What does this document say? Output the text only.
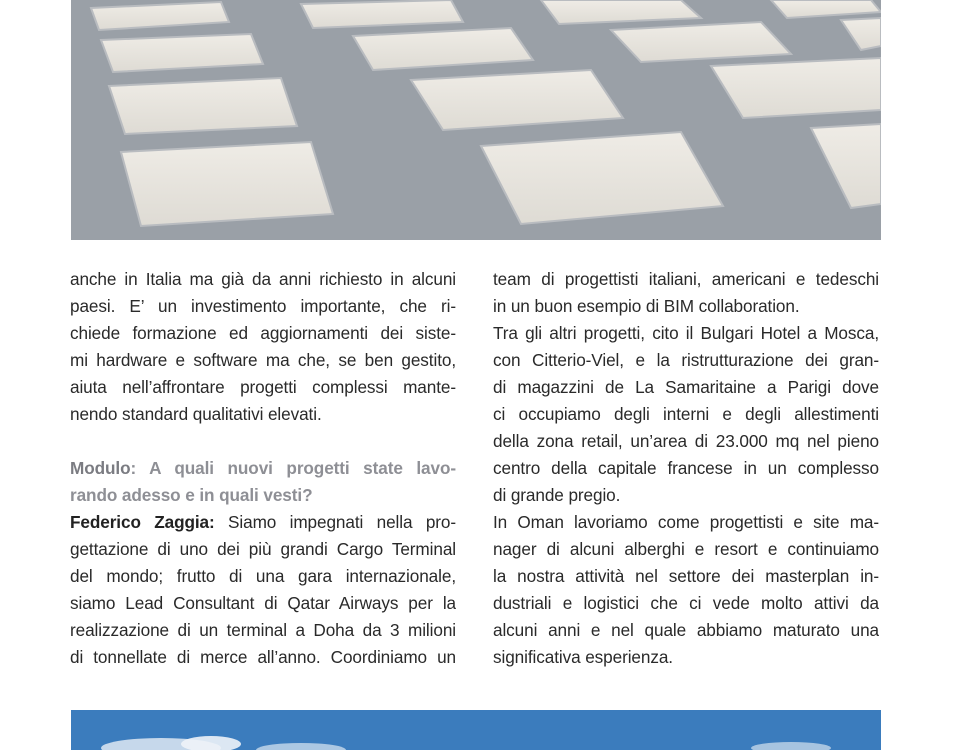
anche in Italia ma già da anni richiesto in alcuni
paesi. E’ un investimento importante, che ri-
chiede formazione ed aggiornamenti dei siste-
mi hardware e software ma che, se ben gestito,
aiuta nell’affrontare progetti complessi mante-
nendo standard qualitativi elevati.
Modulo: A quali nuovi progetti state lavo-
rando adesso e in quali vesti?
Federico Zaggia: Siamo impegnati nella pro-
gettazione di uno dei più grandi Cargo Terminal
del mondo; frutto di una gara internazionale,
siamo Lead Consultant di Qatar Airways per la
realizzazione di un terminal a Doha da 3 milioni
di tonnellate di merce all’anno. Coordiniamo un
team di progettisti italiani, americani e tedeschi
in un buon esempio di BIM collaboration.
Tra gli altri progetti, cito il Bulgari Hotel a Mosca,
con Citterio-Viel, e la ristrutturazione dei gran-
di magazzini de La Samaritaine a Parigi dove
ci occupiamo degli interni e degli allestimenti
della zona retail, un’area di 23.000 mq nel pieno
centro della capitale francese in un complesso
di grande pregio.
In Oman lavoriamo come progettisti e site ma-
nager di alcuni alberghi e resort e continuiamo
la nostra attività nel settore dei masterplan in-
dustriali e logistici che ci vede molto attivi da
alcuni anni e nel quale abbiamo maturato una
significativa esperienza.
